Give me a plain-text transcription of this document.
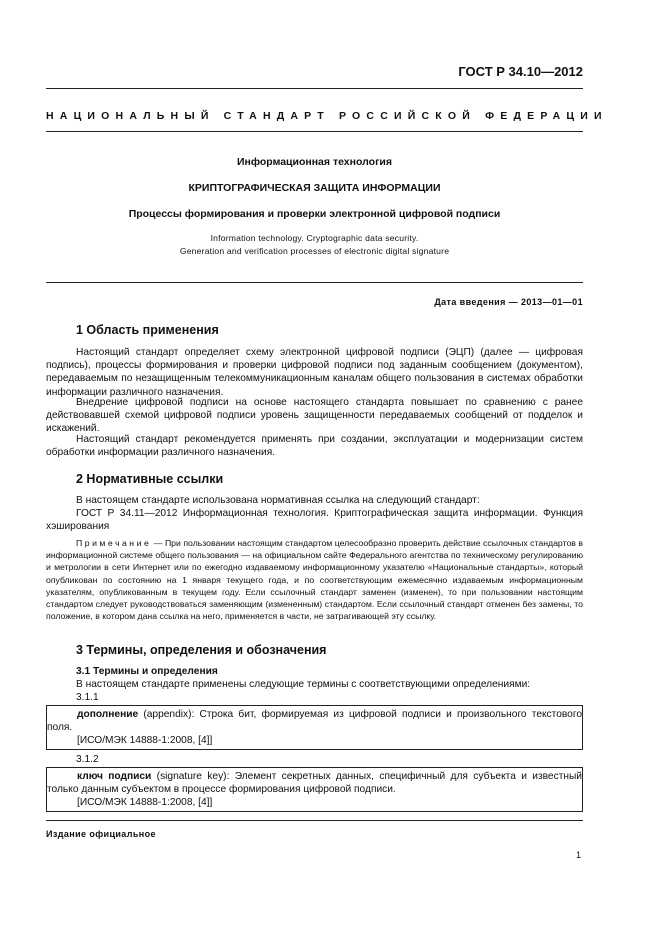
ГОСТ Р 34.10—2012
НАЦИОНАЛЬНЫЙ СТАНДАРТ РОССИЙСКОЙ ФЕДЕРАЦИИ
Информационная технология
КРИПТОГРАФИЧЕСКАЯ ЗАЩИТА ИНФОРМАЦИИ
Процессы формирования и проверки электронной цифровой подписи
Information technology. Cryptographic data security.
Generation and verification processes of electronic digital signature
Дата введения — 2013—01—01
1 Область применения
Настоящий стандарт определяет схему электронной цифровой подписи (ЭЦП) (далее — цифровая подпись), процессы формирования и проверки цифровой подписи под заданным сообщением (документом), передаваемым по незащищенным телекоммуникационным каналам общего пользования в системах обработки информации различного назначения.
Внедрение цифровой подписи на основе настоящего стандарта повышает по сравнению с ранее действовавшей схемой цифровой подписи уровень защищенности передаваемых сообщений от подделок и искажений.
Настоящий стандарт рекомендуется применять при создании, эксплуатации и модернизации систем обработки информации различного назначения.
2 Нормативные ссылки
В настоящем стандарте использована нормативная ссылка на следующий стандарт:
ГОСТ Р 34.11—2012 Информационная технология. Криптографическая защита информации. Функция хэширования
Примечание — При пользовании настоящим стандартом целесообразно проверить действие ссылочных стандартов в информационной системе общего пользования — на официальном сайте Федерального агентства по техническому регулированию и метрологии в сети Интернет или по ежегодно издаваемому информационному указателю «Национальные стандарты», который опубликован по состоянию на 1 января текущего года, и по соответствующим ежемесячно издаваемым информационным указателям, опубликованным в текущем году. Если ссылочный стандарт заменен (изменен), то при пользовании настоящим стандартом следует руководствоваться заменяющим (измененным) стандартом. Если ссылочный стандарт отменен без замены, то положение, в котором дана ссылка на него, применяется в части, не затрагивающей эту ссылку.
3 Термины, определения и обозначения
3.1 Термины и определения
В настоящем стандарте применены следующие термины с соответствующими определениями:
3.1.1
дополнение (appendix): Строка бит, формируемая из цифровой подписи и произвольного текстового поля.
[ИСО/МЭК 14888-1:2008, [4]]
3.1.2
ключ подписи (signature key): Элемент секретных данных, специфичный для субъекта и известный только данным субъектом в процессе формирования цифровой подписи.
[ИСО/МЭК 14888-1:2008, [4]]
Издание официальное
1
